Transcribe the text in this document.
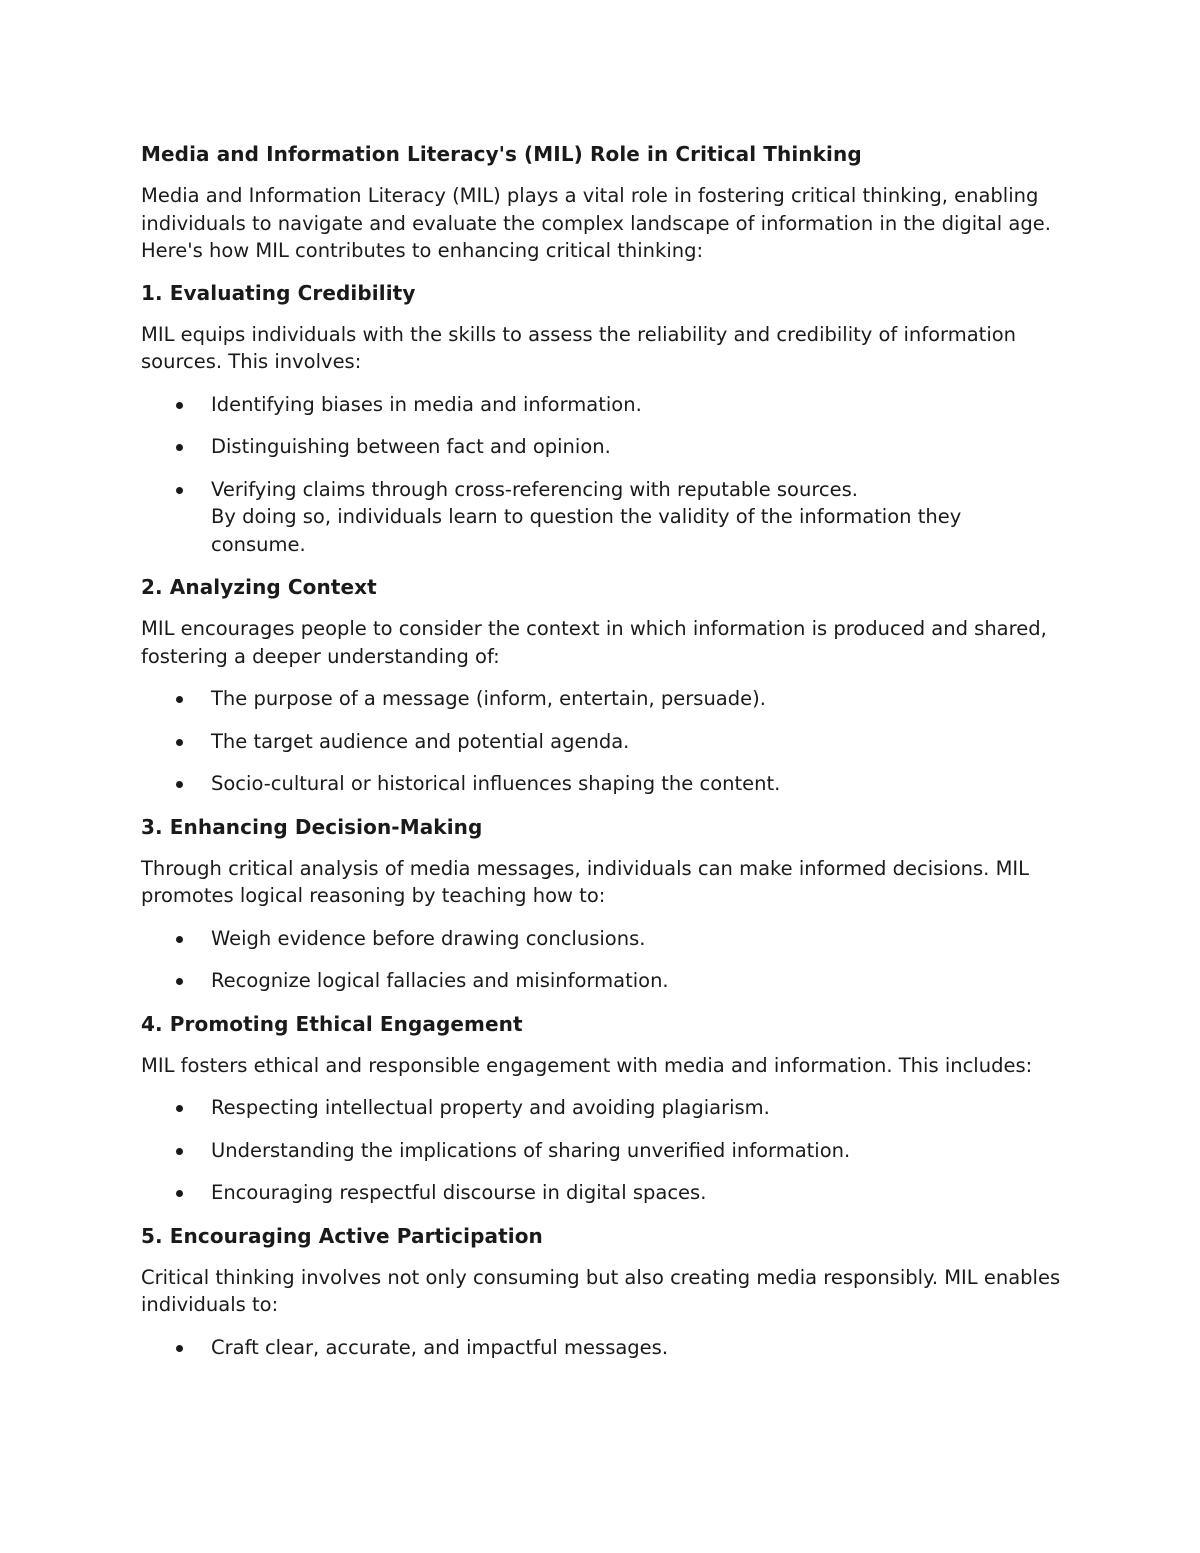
Media and Information Literacy's (MIL) Role in Critical Thinking
Media and Information Literacy (MIL) plays a vital role in fostering critical thinking, enabling individuals to navigate and evaluate the complex landscape of information in the digital age. Here's how MIL contributes to enhancing critical thinking:
1. Evaluating Credibility
MIL equips individuals with the skills to assess the reliability and credibility of information sources. This involves:
Identifying biases in media and information.
Distinguishing between fact and opinion.
Verifying claims through cross-referencing with reputable sources.
By doing so, individuals learn to question the validity of the information they consume.
2. Analyzing Context
MIL encourages people to consider the context in which information is produced and shared, fostering a deeper understanding of:
The purpose of a message (inform, entertain, persuade).
The target audience and potential agenda.
Socio-cultural or historical influences shaping the content.
3. Enhancing Decision-Making
Through critical analysis of media messages, individuals can make informed decisions. MIL promotes logical reasoning by teaching how to:
Weigh evidence before drawing conclusions.
Recognize logical fallacies and misinformation.
4. Promoting Ethical Engagement
MIL fosters ethical and responsible engagement with media and information. This includes:
Respecting intellectual property and avoiding plagiarism.
Understanding the implications of sharing unverified information.
Encouraging respectful discourse in digital spaces.
5. Encouraging Active Participation
Critical thinking involves not only consuming but also creating media responsibly. MIL enables individuals to:
Craft clear, accurate, and impactful messages.
